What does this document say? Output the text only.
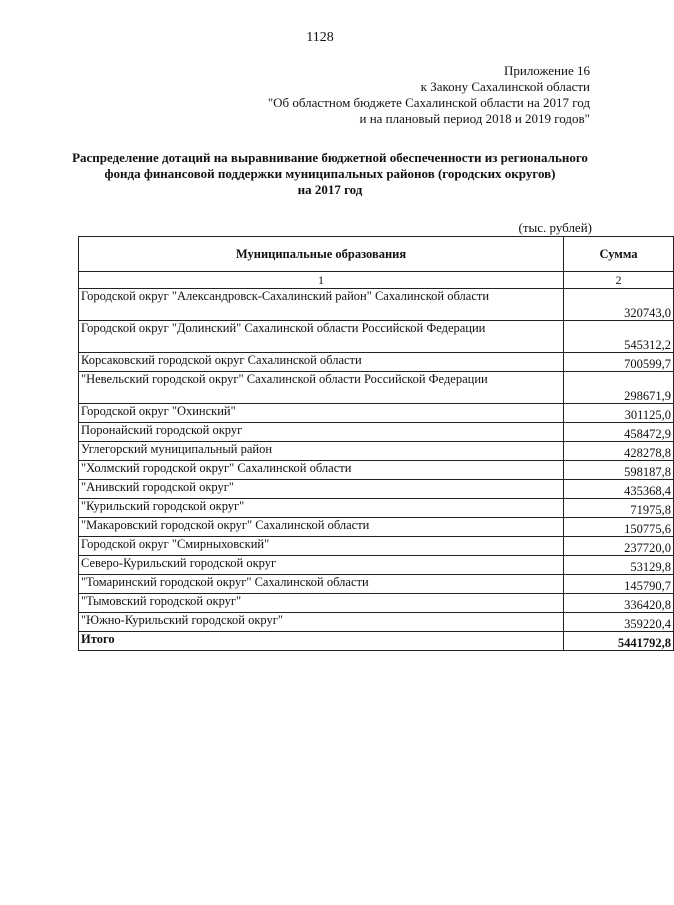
1128
Приложение 16
к Закону Сахалинской области
"Об областном бюджете Сахалинской области на 2017 год
и на плановый период 2018 и 2019 годов"
Распределение дотаций на выравнивание бюджетной обеспеченности из регионального
фонда финансовой поддержки муниципальных районов (городских округов)
на 2017 год
(тыс. рублей)
Муниципальные образования	Сумма
1	2
Городской округ "Александровск-Сахалинский район" Сахалинской области	320743,0
Городской округ "Долинский" Сахалинской области Российской Федерации	545312,2
Корсаковский городской округ Сахалинской области	700599,7
"Невельский городской округ" Сахалинской области Российской Федерации	298671,9
Городской округ "Охинский"	301125,0
Поронайский городской округ	458472,9
Углегорский муниципальный район	428278,8
"Холмский городской округ" Сахалинской области	598187,8
"Анивский городской округ"	435368,4
"Курильский городской округ"	71975,8
"Макаровский городской округ" Сахалинской области	150775,6
Городской округ "Смирныховский"	237720,0
Северо-Курильский городской округ	53129,8
"Томаринский городской округ" Сахалинской области	145790,7
"Тымовский городской округ"	336420,8
"Южно-Курильский городской округ"	359220,4
Итого	5441792,8
